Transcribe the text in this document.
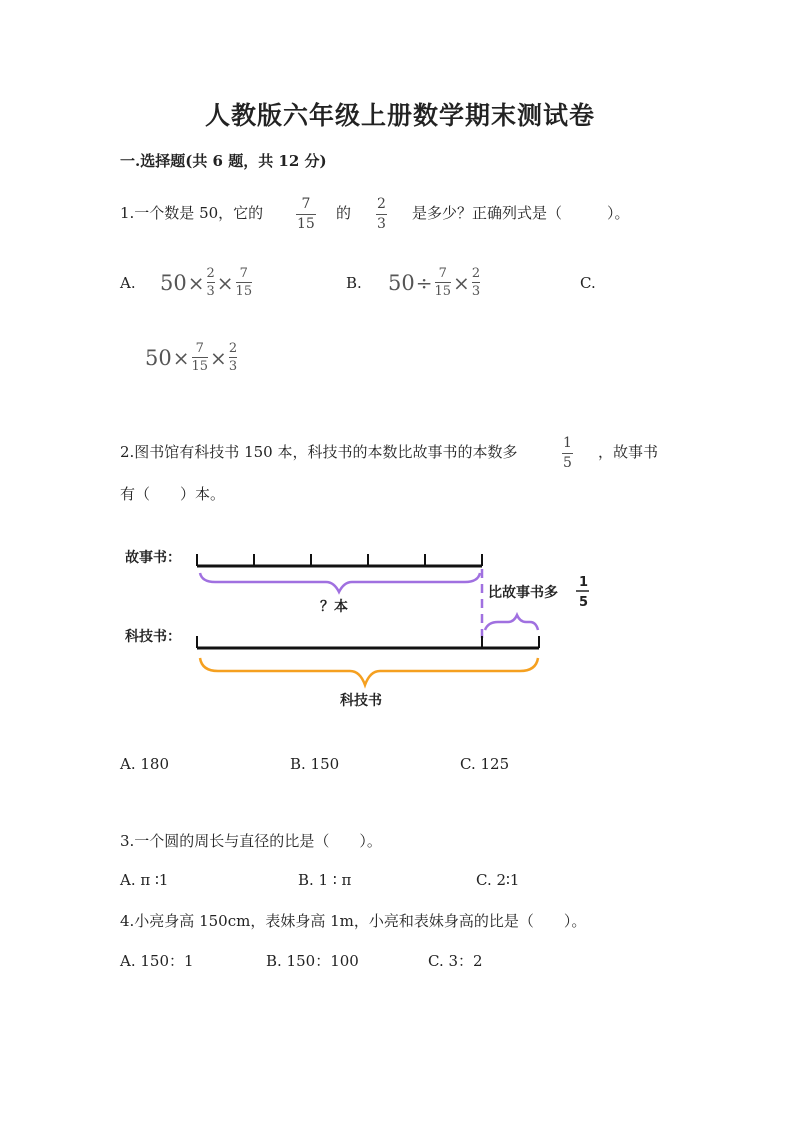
人教版六年级上册数学期末测试卷
一.选择题(共 6 题，共 12 分)
1.一个数是 50，它的	7
15
的 2
3
是多少？正确列式是（　　　）。
A. 50 × 2
3 × 7
15	B. 50 ÷ 7
15 × 2
3	C.
50 × 7
15 × 2
3
2.图书馆有科技书 150 本，科技书的本数比故事书的本数多	1
5
，故事书
有（　　）本。
故事书：
？本
比故事书多
1
5
科技书：
科技书
A. 180	B. 150	C. 125
3.一个圆的周长与直径的比是（　　）。
A. π ∶1	B. 1 ∶ π	C. 2∶1
4.小亮身高 150cm，表妹身高 1m，小亮和表妹身高的比是（　　）。
A. 150：1	B. 150：100	C. 3：2
